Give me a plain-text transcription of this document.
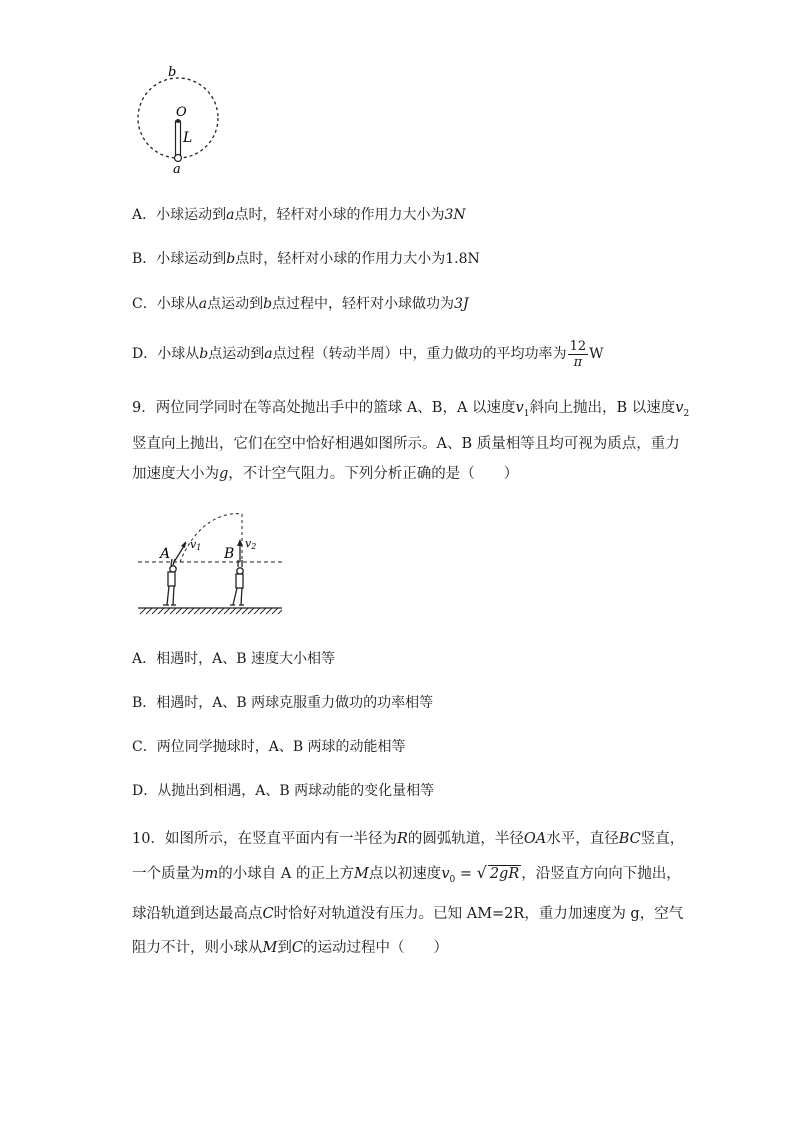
b
O
L
a
A．小球运动到a点时，轻杆对小球的作用力大小为3N
B．小球运动到b点时，轻杆对小球的作用力大小为1.8N
C．小球从a点运动到b点过程中，轻杆对小球做功为3J
D．小球从b点运动到a点过程（转动半周）中，重力做功的平均功率为 $\frac{12}{\pi}$ W

9．两位同学同时在等高处抛出手中的篮球 A、B，A 以速度$v_1$斜向上抛出，B 以速度$v_2$

竖直向上抛出，它们在空中恰好相遇如图所示。A、B 质量相等且均可视为质点，重力

加速度大小为g，不计空气阻力。下列分析正确的是（　　）

A	B
v1	v2
A．相遇时，A、B 速度大小相等
B．相遇时，A、B 两球克服重力做功的功率相等
C．两位同学抛球时，A、B 两球的动能相等
D．从抛出到相遇，A、B 两球动能的变化量相等

10．如图所示，在竖直平面内有一半径为R的圆弧轨道，半径OA水平，直径BC竖直，

一个质量为m的小球自 A 的正上方M点以初速度$v_0$ = √ 2gR ，沿竖直方向向下抛出，

球沿轨道到达最高点C时恰好对轨道没有压力。已知 AM=2R，重力加速度为 g，空气

阻力不计，则小球从M到C的运动过程中（　　）
